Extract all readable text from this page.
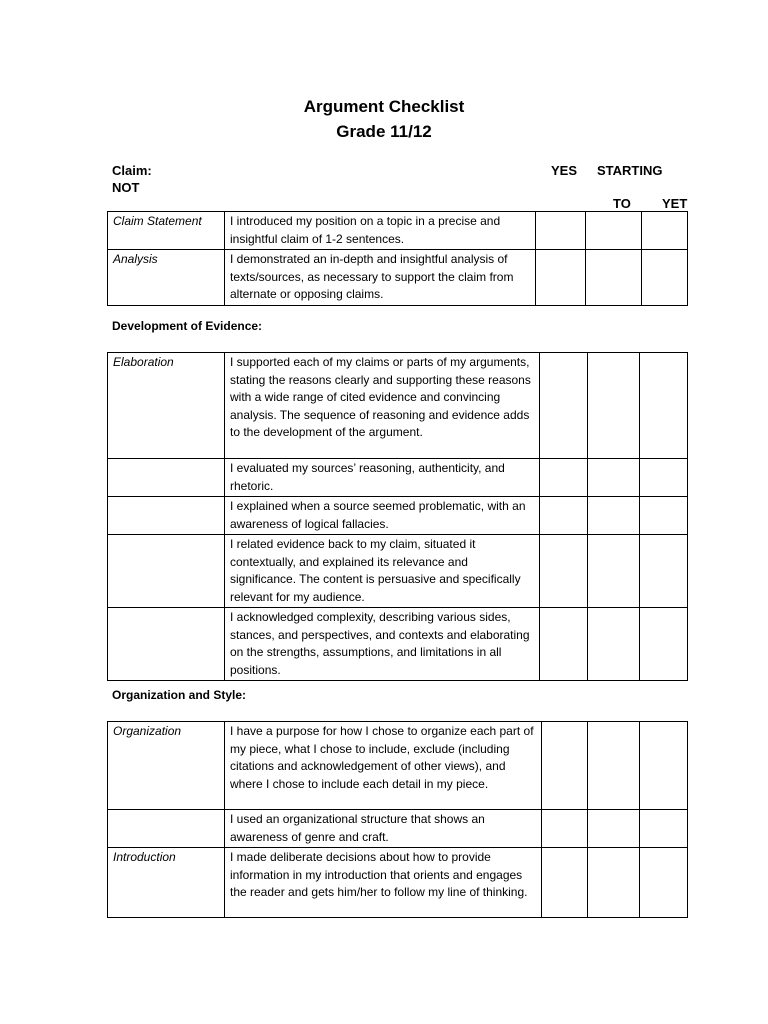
Argument Checklist
Grade 11/12
Claim:
NOT
YES STARTING
TO YET
Claim Statement	I introduced my position on a topic in a precise and insightful claim of 1-2 sentences.			
Analysis	I demonstrated an in-depth and insightful analysis of texts/sources, as necessary to support the claim from alternate or opposing claims.			
Development of Evidence:
Elaboration	I supported each of my claims or parts of my arguments, stating the reasons clearly and supporting these reasons with a wide range of cited evidence and convincing analysis. The sequence of reasoning and evidence adds to the development of the argument.			
	I evaluated my sources’ reasoning, authenticity, and rhetoric.			
	I explained when a source seemed problematic, with an awareness of logical fallacies.			
	I related evidence back to my claim, situated it contextually, and explained its relevance and significance. The content is persuasive and specifically relevant for my audience.			
	I acknowledged complexity, describing various sides, stances, and perspectives, and contexts and elaborating on the strengths, assumptions, and limitations in all positions.			
Organization and Style:
Organization	I have a purpose for how I chose to organize each part of my piece, what I chose to include, exclude (including citations and acknowledgement of other views), and where I chose to include each detail in my piece.			
	I used an organizational structure that shows an awareness of genre and craft.			
Introduction	I made deliberate decisions about how to provide information in my introduction that orients and engages the reader and gets him/her to follow my line of thinking.			
